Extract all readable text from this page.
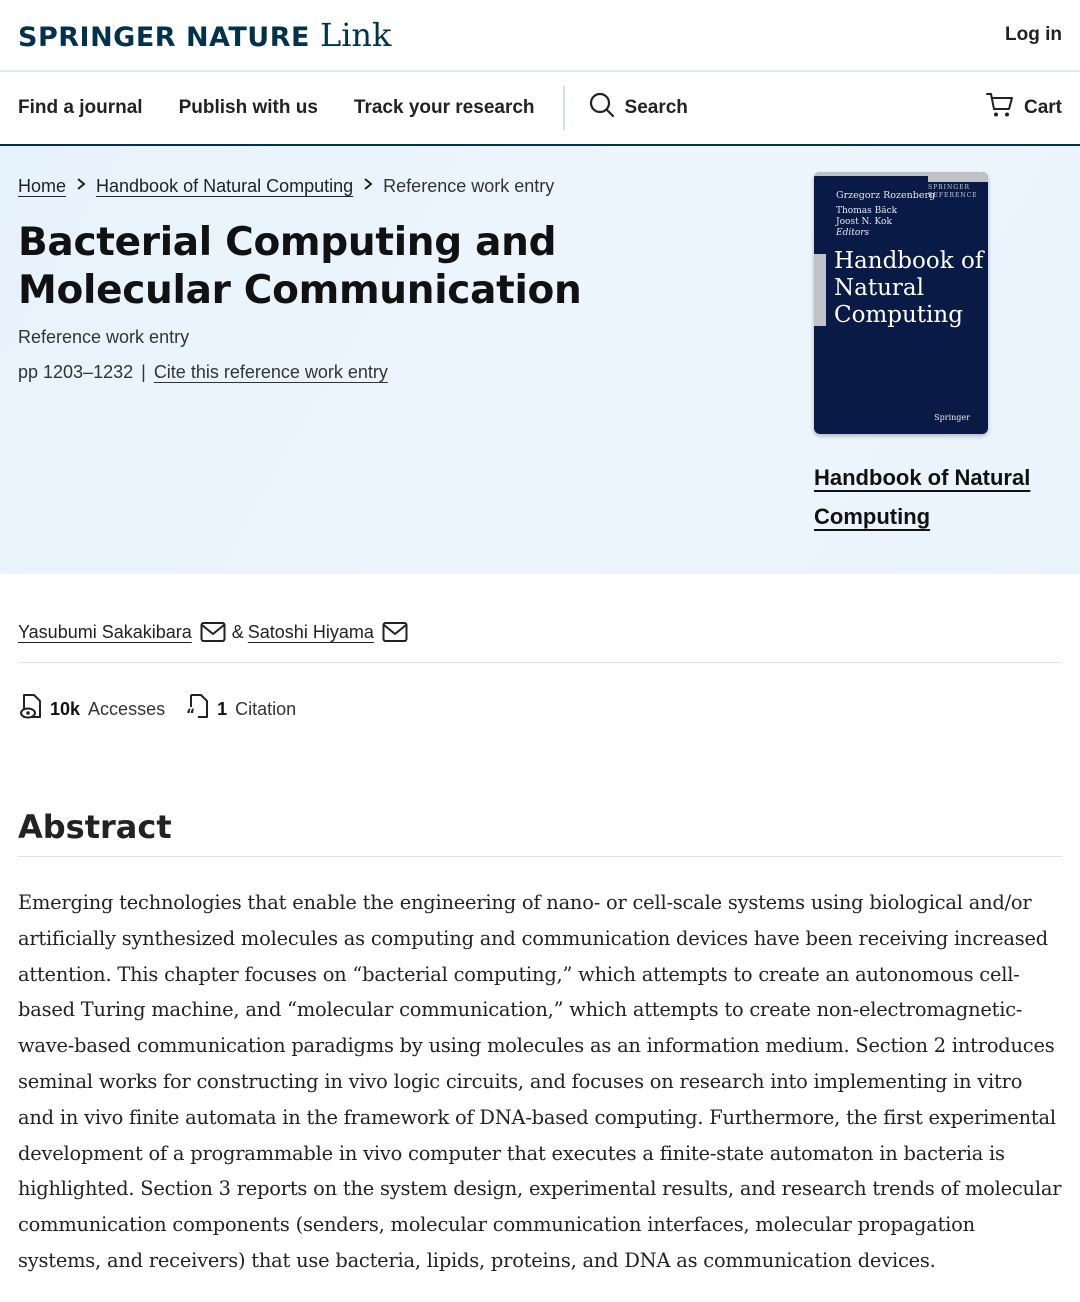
SPRINGER NATURE Link	Log in
Find a journal Publish with us Track your research	Search	Cart
Home Handbook of Natural Computing Reference work entry
Bacterial Computing and Molecular Communication
Reference work entry
pp 1203–1232 | Cite this reference work entry
SPRINGER REFERENCE
Grzegorz Rozenberg
Thomas Bäck
Joost N. Kok
Editors
Handbook of Natural Computing
Springer
Handbook of Natural Computing
Yasubumi Sakakibara & Satoshi Hiyama
10k Accesses “ 1 Citation
Abstract

Emerging technologies that enable the engineering of nano- or cell-scale systems using biological and/or artificially synthesized molecules as computing and communication devices have been receiving increased attention. This chapter focuses on “bacterial computing,” which attempts to create an autonomous cell-based Turing machine, and “molecular communication,” which attempts to create non-electromagnetic-wave-based communication paradigms by using molecules as an information medium. Section 2 introduces seminal works for constructing in vivo logic circuits, and focuses on research into implementing in vitro and in vivo finite automata in the framework of DNA-based computing. Furthermore, the first experimental development of a programmable in vivo computer that executes a finite-state automaton in bacteria is highlighted. Section 3 reports on the system design, experimental results, and research trends of molecular communication components (senders, molecular communication interfaces, molecular propagation systems, and receivers) that use bacteria, lipids, proteins, and DNA as communication devices.
